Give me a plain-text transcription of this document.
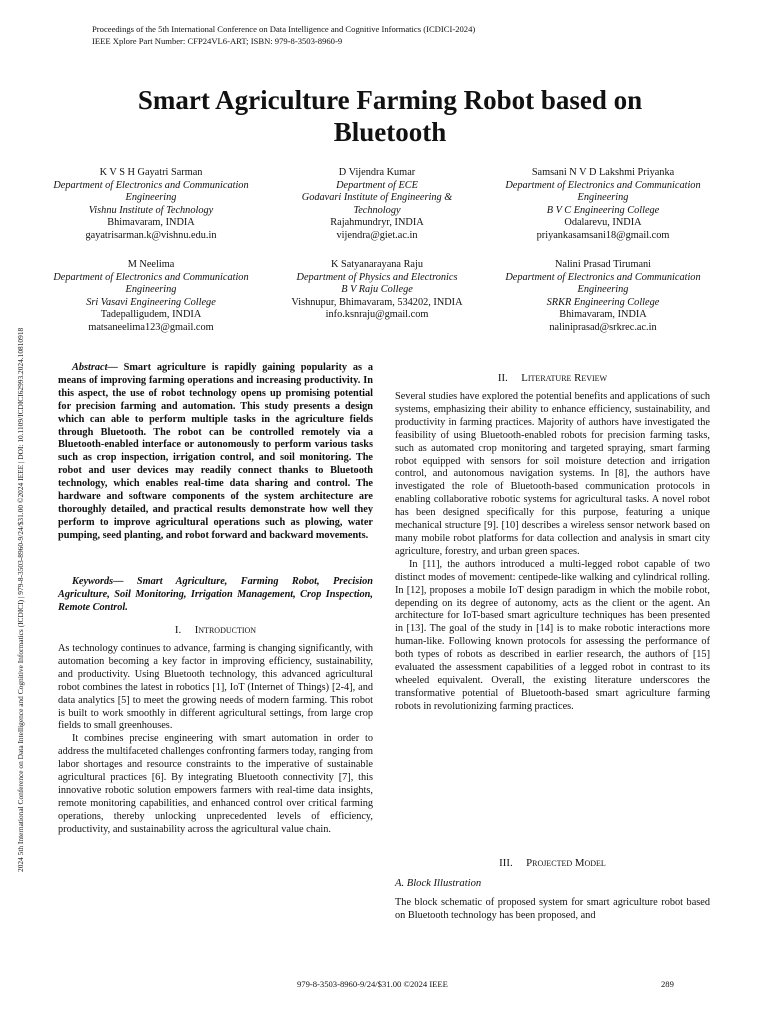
Proceedings of the 5th International Conference on Data Intelligence and Cognitive Informatics (ICDICI-2024)
IEEE Xplore Part Number: CFP24VL6-ART; ISBN: 979-8-3503-8960-9
2024 5th International Conference on Data Intelligence and Cognitive Informatics (ICDICI) | 979-8-3503-8960-9/24/$31.00 ©2024 IEEE | DOI: 10.1109/ICDICI62993.2024.10810918
Smart Agriculture Farming Robot based on Bluetooth
K V S H Gayatri Sarman
Department of Electronics and Communication Engineering
Vishnu Institute of Technology
Bhimavaram, INDIA
gayatrisarman.k@vishnu.edu.in
D Vijendra Kumar
Department of ECE
Godavari Institute of Engineering & Technology
Rajahmundryr, INDIA
vijendra@giet.ac.in
Samsani N V D Lakshmi Priyanka
Department of Electronics and Communication Engineering
B V C Engineering College
Odalarevu, INDIA
priyankasamsani18@gmail.com
M Neelima
Department of Electronics and Communication Engineering
Sri Vasavi Engineering College
Tadepalligudem, INDIA
matsaneelima123@gmail.com
K Satyanarayana Raju
Department of Physics and Electronics
B V Raju College
Vishnupur, Bhimavaram, 534202, INDIA
info.ksnraju@gmail.com
Nalini Prasad Tirumani
Department of Electronics and Communication Engineering
SRKR Engineering College
Bhimavaram, INDIA
naliniprasad@srkrec.ac.in

Abstract— Smart agriculture is rapidly gaining popularity as a means of improving farming operations and increasing productivity. In this aspect, the use of robot technology opens up promising potential for precision farming and automation. This study presents a design which can able to perform multiple tasks in the agriculture fields through Bluetooth. The robot can be controlled remotely via a Bluetooth-enabled interface or autonomously to perform various tasks such as crop inspection, irrigation control, and soil monitoring. The robot and user devices may readily connect thanks to Bluetooth technology, which enables real-time data sharing and control. The hardware and software components of the system architecture are thoroughly detailed, and practical results demonstrate how well they perform to improve agricultural operations such as plowing, water pumping, seed planting, and robot forward and backward movements.

Keywords— Smart Agriculture, Farming Robot, Precision Agriculture, Soil Monitoring, Irrigation Management, Crop Inspection, Remote Control.

I. Introduction

As technology continues to advance, farming is changing significantly, with automation becoming a key factor in improving efficiency, sustainability, and productivity. Using Bluetooth technology, this advanced agricultural robot combines the latest in robotics [1], IoT (Internet of Things) [2-4], and data analytics [5] to meet the growing needs of modern farming. This robot is built to work smoothly in different agricultural settings, from large crop fields to small greenhouses.

It combines precise engineering with smart automation in order to address the multifaceted challenges confronting farmers today, ranging from labor shortages and resource constraints to the imperative of sustainable agricultural practices [6]. By integrating Bluetooth connectivity [7], this innovative robotic solution empowers farmers with real-time data insights, remote monitoring capabilities, and enhanced control over critical farming operations, thereby unlocking unprecedented levels of efficiency, productivity, and sustainability across the agricultural value chain.

II. Literature Review

Several studies have explored the potential benefits and applications of such systems, emphasizing their ability to enhance efficiency, sustainability, and productivity in farming practices. Majority of authors have investigated the feasibility of using Bluetooth-enabled robots for precision farming tasks, such as automated crop monitoring and targeted spraying, smart farming robot equipped with sensors for soil moisture detection and irrigation control, and autonomous navigation systems. In [8], the authors have investigated the role of Bluetooth-based communication protocols in enabling collaborative robotic systems for agricultural tasks. A novel robot has been designed specifically for this purpose, featuring a unique mechanical structure [9]. [10] describes a wireless sensor network based on many mobile robot platforms for data collection and analysis in smart city agriculture, forestry, and urban green spaces.

In [11], the authors introduced a multi-legged robot capable of two distinct modes of movement: centipede-like walking and cylindrical rolling. In [12], proposes a mobile IoT design paradigm in which the mobile robot, depending on its degree of autonomy, acts as the client or the agent. An architecture for IoT-based smart agriculture techniques has been presented in [13]. The goal of the study in [14] is to make robotic interactions more human-like. Following known protocols for assessing the performance of both types of robots as described in earlier research, the authors of [15] evaluated the assessment capabilities of a legged robot in contrast to its wheeled equivalent. Overall, the existing literature underscores the transformative potential of Bluetooth-based smart agriculture farming robots in revolutionizing farming practices.

III. Projected Model
A. Block Illustration

The block schematic of proposed system for smart agriculture robot based on Bluetooth technology has been proposed, and

979-8-3503-8960-9/24/$31.00 ©2024 IEEE	289
